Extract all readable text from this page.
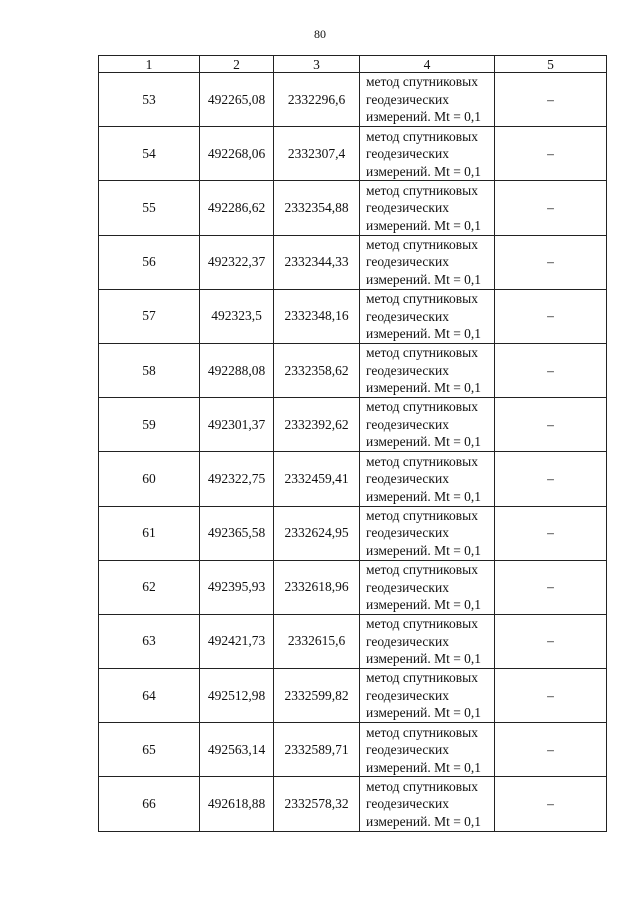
80
1	2	3	4	5
53	492265,08	2332296,6	метод спутниковых геодезических измерений. Mt = 0,1	–
54	492268,06	2332307,4	метод спутниковых геодезических измерений. Mt = 0,1	–
55	492286,62	2332354,88	метод спутниковых геодезических измерений. Mt = 0,1	–
56	492322,37	2332344,33	метод спутниковых геодезических измерений. Mt = 0,1	–
57	492323,5	2332348,16	метод спутниковых геодезических измерений. Mt = 0,1	–
58	492288,08	2332358,62	метод спутниковых геодезических измерений. Mt = 0,1	–
59	492301,37	2332392,62	метод спутниковых геодезических измерений. Mt = 0,1	–
60	492322,75	2332459,41	метод спутниковых геодезических измерений. Mt = 0,1	–
61	492365,58	2332624,95	метод спутниковых геодезических измерений. Mt = 0,1	–
62	492395,93	2332618,96	метод спутниковых геодезических измерений. Mt = 0,1	–
63	492421,73	2332615,6	метод спутниковых геодезических измерений. Mt = 0,1	–
64	492512,98	2332599,82	метод спутниковых геодезических измерений. Mt = 0,1	–
65	492563,14	2332589,71	метод спутниковых геодезических измерений. Mt = 0,1	–
66	492618,88	2332578,32	метод спутниковых геодезических измерений. Mt = 0,1	–
